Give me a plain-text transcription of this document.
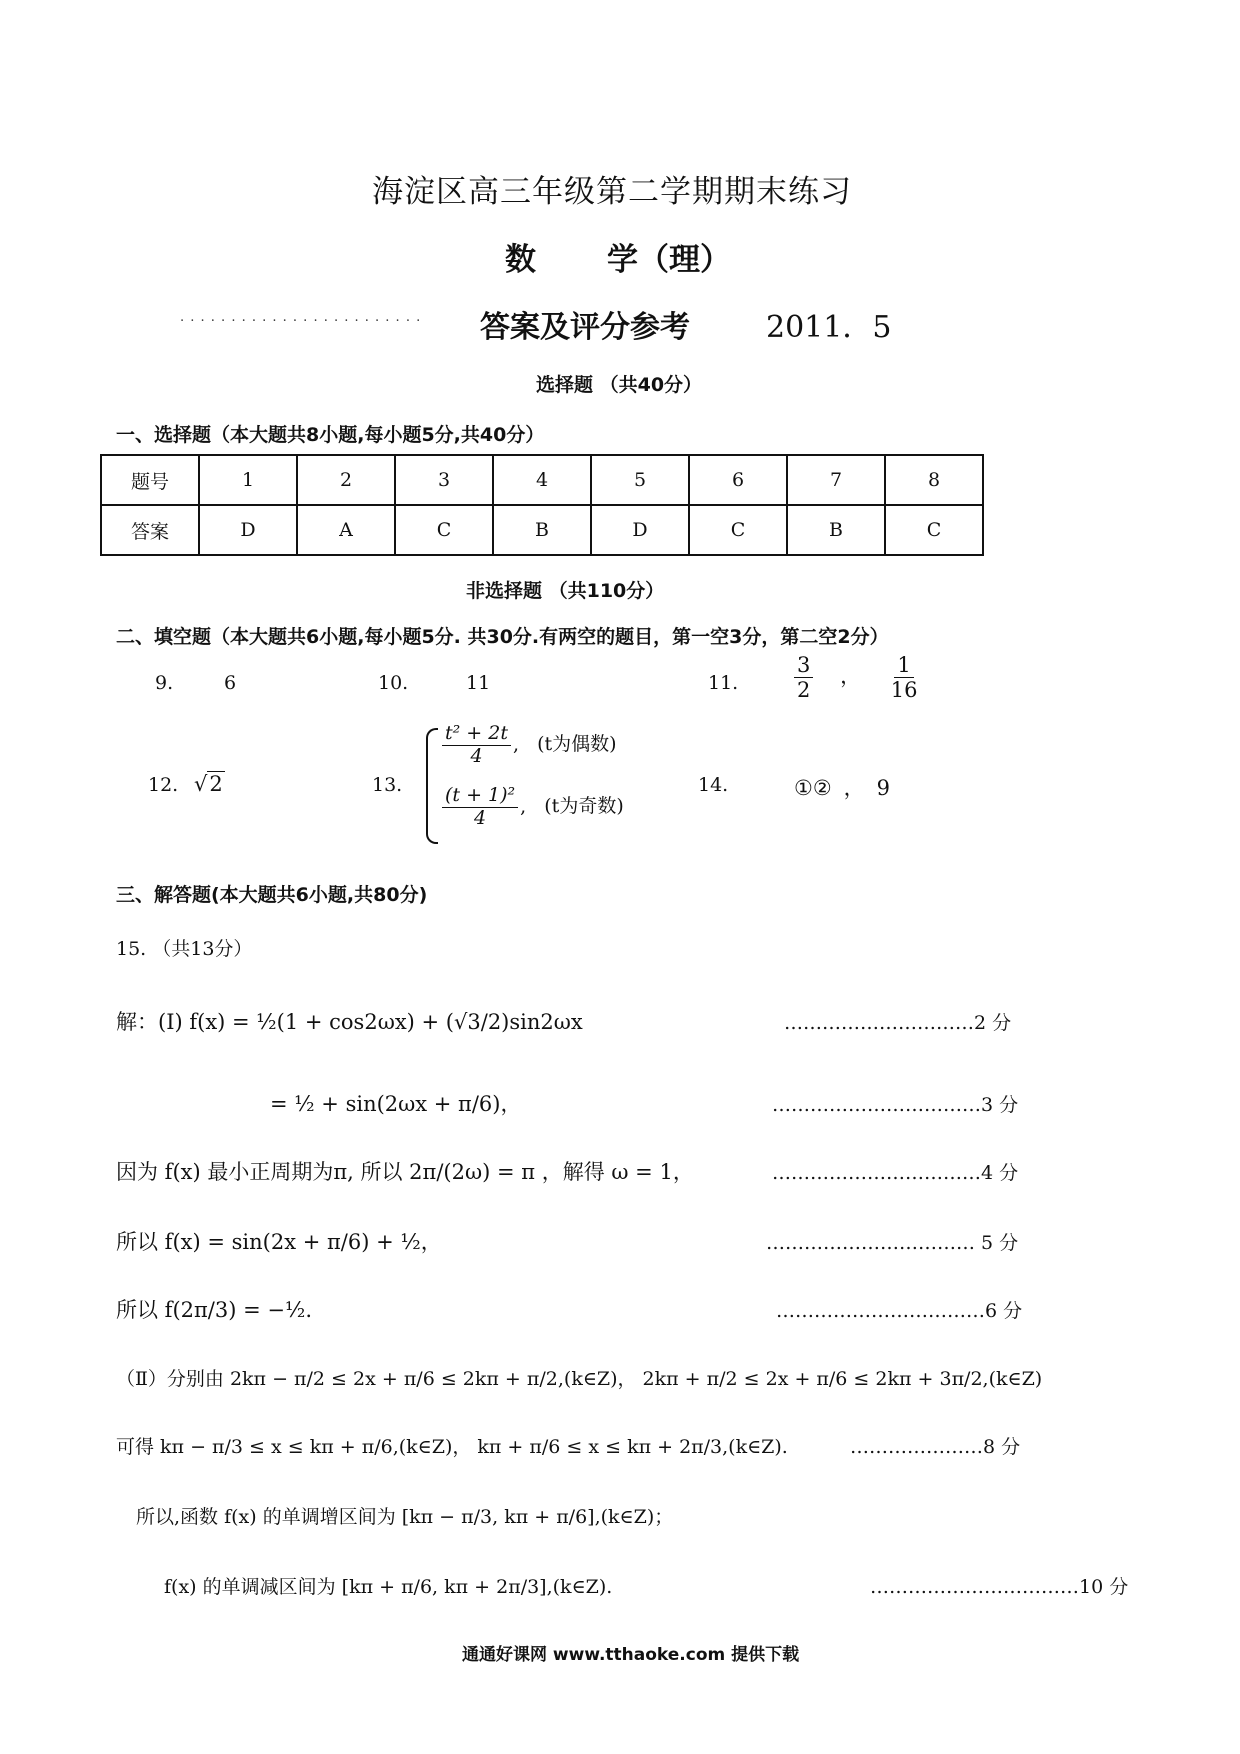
海淀区高三年级第二学期期末练习
数 学（理）
. . . . . . . . . . . . . . . . . . . . . . . . 答案及评分参考	2011．5
选择题 （共40分）
一、选择题（本大题共8小题,每小题5分,共40分）
题号	1	2	3	4	5	6	7	8
答案	D	A	C	B	D	C	B	C
非选择题 （共110分）
二、填空题（本大题共6小题,每小题5分. 共30分.有两空的题目，第一空3分，第二空2分）
9.	6	10.	11	11.	$\frac{3}{2}$ ， $\frac{1}{16}$
12. √2	13.
$\frac{\text{t² + 2t}}{4}$ , (t为偶数)
$\frac{\text{(t + 1)²}}{4}$ , (t为奇数)
14.	①② ， 9
三、解答题(本大题共6小题,共80分)
15. （共13分）
解：(Ⅰ) f(x) = ½(1 + cos2ωx) + (√3/2)sin2ωx	…………………………2 分
= ½ + sin(2ωx + π/6)，	……………………………3 分
因为 f(x) 最小正周期为π, 所以 2π/(2ω) = π ，解得 ω = 1，	……………………………4 分
所以 f(x) = sin(2x + π/6) + ½，	…………………………… 5 分
所以 f(2π/3) = −½.	……………………………6 分
（Ⅱ）分别由 2kπ − π/2 ≤ 2x + π/6 ≤ 2kπ + π/2,(k∈Z)， 2kπ + π/2 ≤ 2x + π/6 ≤ 2kπ + 3π/2,(k∈Z)
可得 kπ − π/3 ≤ x ≤ kπ + π/6,(k∈Z)， kπ + π/6 ≤ x ≤ kπ + 2π/3,(k∈Z).	…………………8 分
所以,函数 f(x) 的单调增区间为 [kπ − π/3, kπ + π/6],(k∈Z)；
f(x) 的单调减区间为 [kπ + π/6, kπ + 2π/3],(k∈Z).	……………………………10 分
通通好课网 www.tthaoke.com 提供下载
